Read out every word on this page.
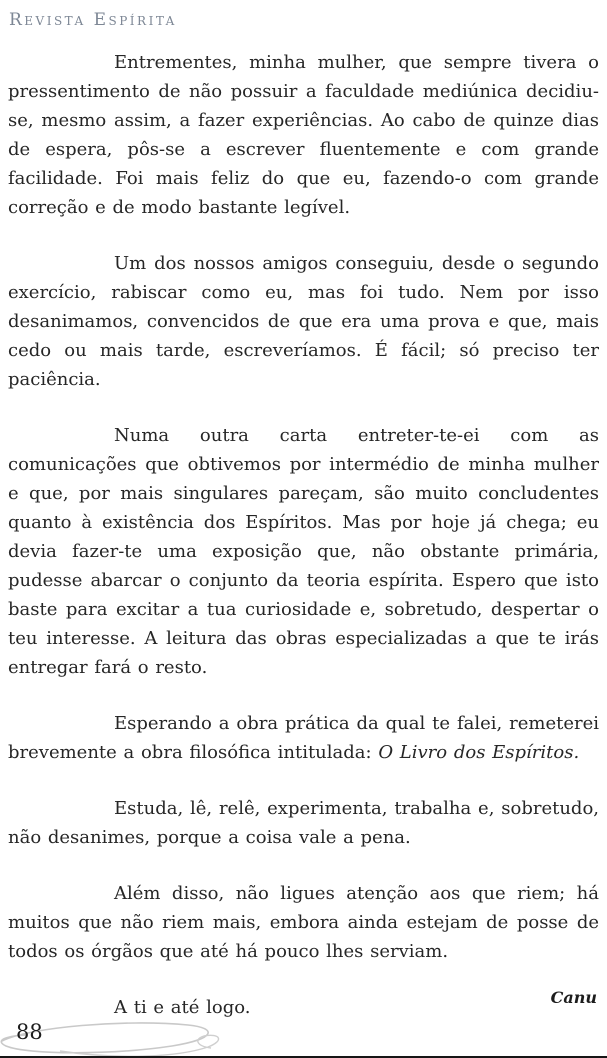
Revista Espírita

Entrementes, minha mulher, que sempre tivera o pressentimento de não possuir a faculdade mediúnica decidiu-se, mesmo assim, a fazer experiências. Ao cabo de quinze dias de espera, pôs-se a escrever fluentemente e com grande facilidade. Foi mais feliz do que eu, fazendo-o com grande correção e de modo bastante legível.

Um dos nossos amigos conseguiu, desde o segundo exercício, rabiscar como eu, mas foi tudo. Nem por isso desanimamos, convencidos de que era uma prova e que, mais cedo ou mais tarde, escreveríamos. É fácil; só preciso ter paciência.

Numa outra carta entreter-te-ei com as comunicações que obtivemos por intermédio de minha mulher e que, por mais singulares pareçam, são muito concludentes quanto à existência dos Espíritos. Mas por hoje já chega; eu devia fazer-te uma exposição que, não obstante primária, pudesse abarcar o conjunto da teoria espírita. Espero que isto baste para excitar a tua curiosidade e, sobretudo, despertar o teu interesse. A leitura das obras especializadas a que te irás entregar fará o resto.

Esperando a obra prática da qual te falei, remeterei brevemente a obra filosófica intitulada: O Livro dos Espíritos.

Estuda, lê, relê, experimenta, trabalha e, sobretudo, não desanimes, porque a coisa vale a pena.

Além disso, não ligues atenção aos que riem; há muitos que não riem mais, embora ainda estejam de posse de todos os órgãos que até há pouco lhes serviam.

A ti e até logo.	Canu
88
